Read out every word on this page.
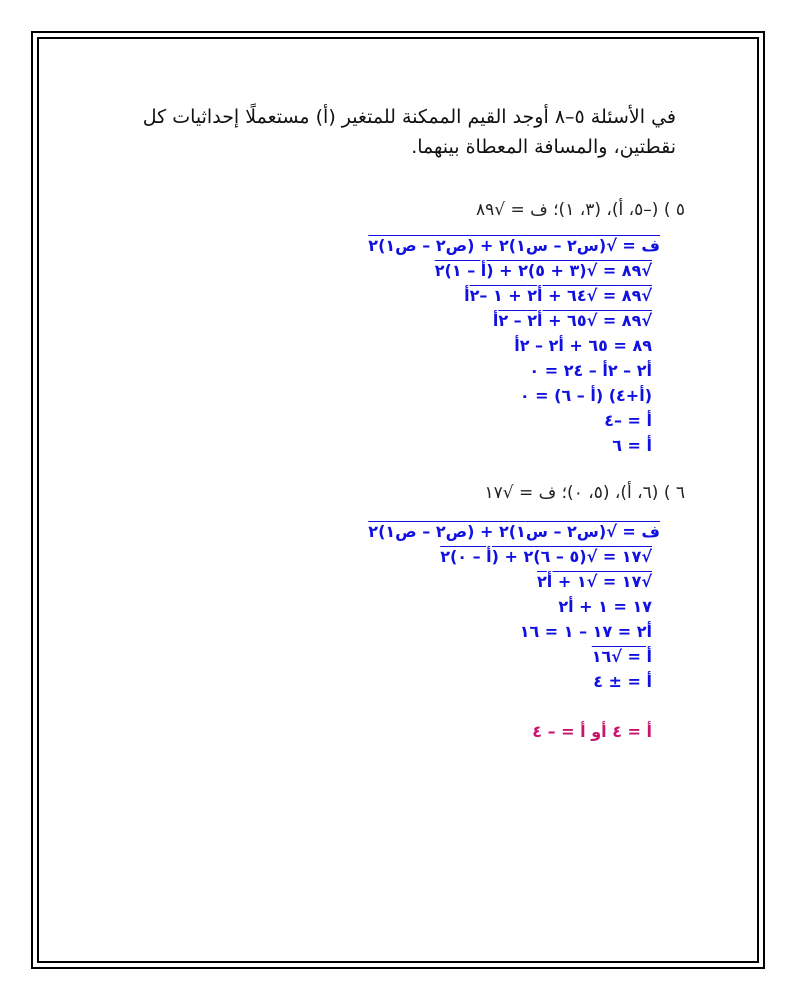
في الأسئلة ٥–٨ أوجد القيم الممكنة للمتغير (أ) مستعملًا إحداثيات كل نقطتين، والمسافة المعطاة بينهما.
٥ ) (–٥، أ)، (٣، ١)؛ ف = √٨٩
ف = √(س٢ – س١)٢ + (ص٢ – ص١)٢
√٨٩ = √(٣ + ٥)٢ + (أ – ١)٢
√٨٩ = √٦٤ + أ٢ + ١ –٢أ
√٨٩ = √٦٥ + أ٢ – ٢أ
٨٩ = ٦٥ + أ٢ – ٢أ
أ٢ – ٢أ – ٢٤ = ٠
(أ+٤) (أ – ٦) = ٠
أ = –٤
أ = ٦
٦ ) (٦، أ)، (٥، ٠)؛ ف = √١٧
ف = √(س٢ – س١)٢ + (ص٢ – ص١)٢
√١٧ = √(٥ – ٦)٢ + (أ – ٠)٢
√١٧ = √١ + أ٢
١٧ = ١ + أ٢
أ٢ = ١٧ – ١ = ١٦
أ = √١٦
أ = ± ٤
أ = ٤ أو أ = – ٤
